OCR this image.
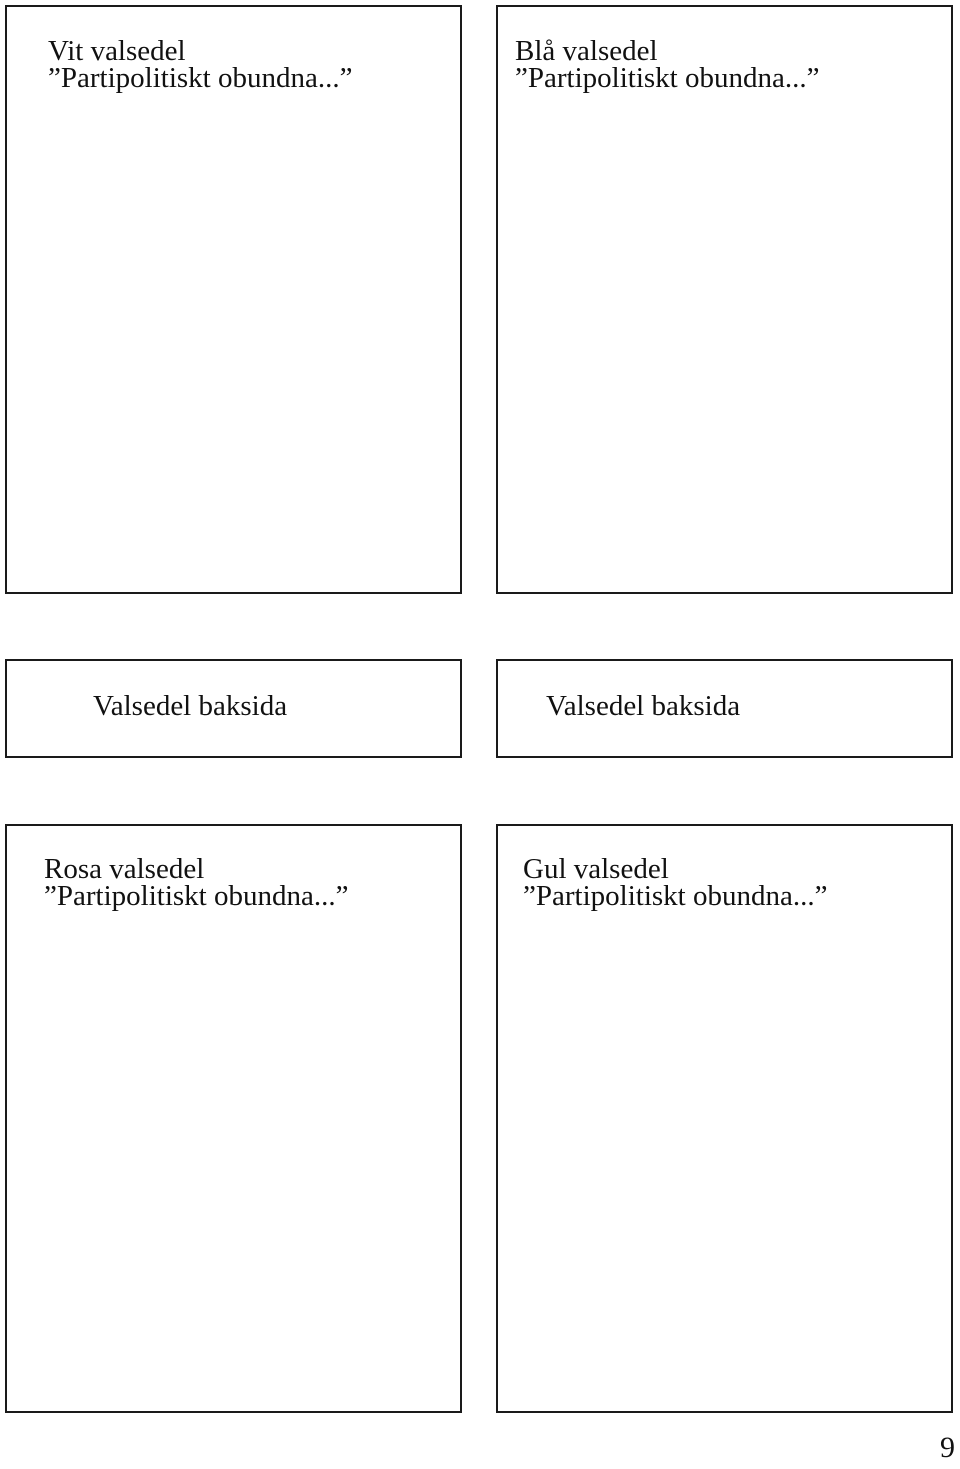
Vit valsedel
”Partipolitiskt obundna...”
Blå valsedel
”Partipolitiskt obundna...”
Valsedel baksida	Valsedel baksida
Rosa valsedel
”Partipolitiskt obundna...”
Gul valsedel
”Partipolitiskt obundna...”
9
